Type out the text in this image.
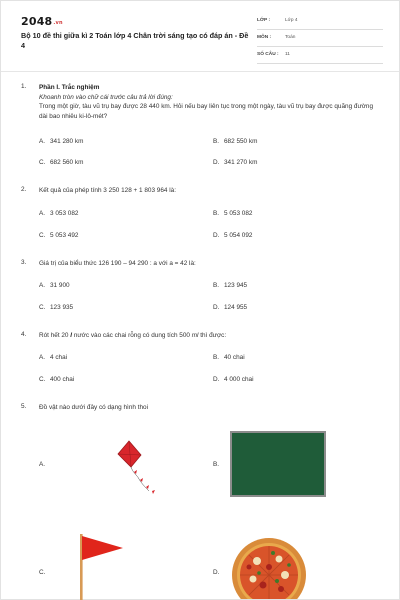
2048.vn
Bộ 10 đề thi giữa kì 2 Toán lớp 4 Chân trời sáng tạo có đáp án - Đề 4
LỚP :	Lớp 4
MÔN :	Toán
SỐ CÂU : 11
1.	Phần I. Trắc nghiệm
Khoanh tròn vào chữ cái trước câu trả lời đúng:
Trong một giờ, tàu vũ trụ bay được 28 440 km. Hỏi nếu bay liên tục trong một ngày, tàu vũ trụ bay được quãng đường dài bao nhiêu ki-lô-mét?
A. 341 280 km	B. 682 550 km
C. 682 560 km	D. 341 270 km
2.	Kết quả của phép tính 3 250 128 + 1 803 964 là:
A. 3 053 082	B. 5 053 082
C. 5 053 492	D. 5 054 092
3.	Giá trị của biểu thức 126 190 – 94 290 : a với a = 42 là:
A. 31 900	B. 123 945
C. 123 935	D. 124 955
4.	Rót hết 20 l nước vào các chai rỗng có dung tích 500 ml thì được:
A. 4 chai	B. 40 chai
C. 400 chai	D. 4 000 chai
5.	Đồ vật nào dưới đây có dạng hình thoi
A.	B.
C.	D.
